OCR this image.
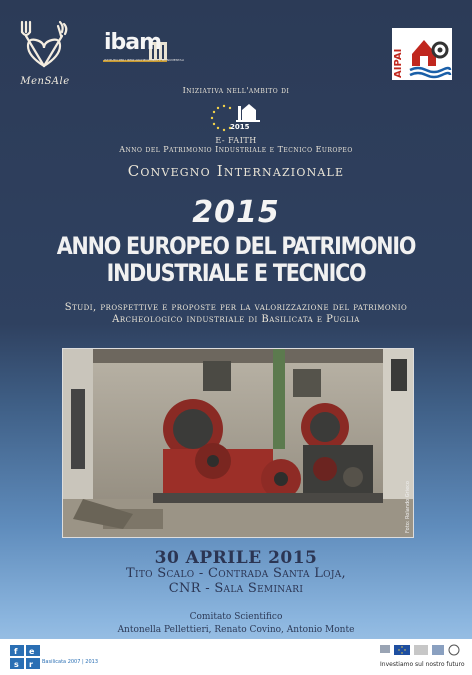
MenSAle
ibam
ISTITUTO PER I BENI ARCHEOLOGICI E MONUMENTALI	AIPAI
Iniziativa nell'ambito di
2015
E- FAITH
Anno del Patrimonio Industriale e Tecnico Europeo
Convegno Internazionale
2015
ANNO EUROPEO DEL PATRIMONIO
INDUSTRIALE E TECNICO
Studi, prospettive e proposte per la valorizzazione del patrimonio
Archeologico industriale di Basilicata e Puglia
Foto: Rolando Grieco
30 APRILE 2015
Tito Scalo - Contrada Santa Loja,
CNR - Sala Seminari
Comitato Scientifico
Antonella Pellettieri, Renato Covino, Antonio Monte
f e
s r Basilicata 2007 | 2013	Investiamo sul nostro futuro
